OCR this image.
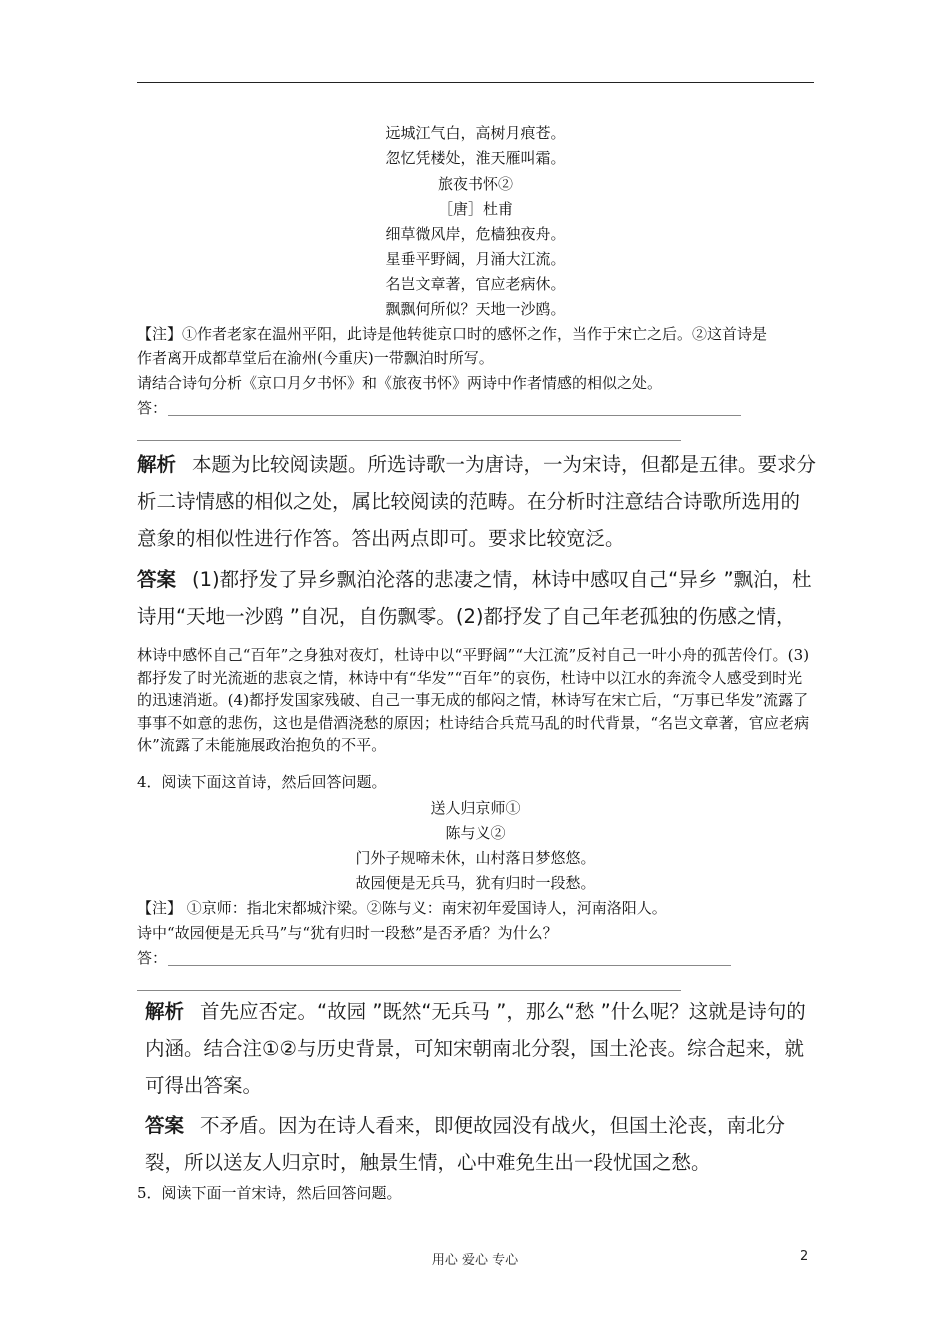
远城江气白，高树月痕苍。
忽忆凭楼处，淮天雁叫霜。
旅夜书怀②
［唐］杜甫
细草微风岸，危樯独夜舟。
星垂平野阔，月涌大江流。
名岂文章著，官应老病休。
飘飘何所似？天地一沙鸥。
【注】①作者老家在温州平阳，此诗是他转徙京口时的感怀之作，当作于宋亡之后。②这首诗是
作者离开成都草堂后在渝州(今重庆)一带飘泊时所写。
请结合诗句分析《京口月夕书怀》和《旅夜书怀》两诗中作者情感的相似之处。
答：
解析 本题为比较阅读题。所选诗歌一为唐诗，一为宋诗，但都是五律。要求分析二诗情感的相似之处，属比较阅读的范畴。在分析时注意结合诗歌所选用的意象的相似性进行作答。答出两点即可。要求比较宽泛。
答案 (1)都抒发了异乡飘泊沦落的悲凄之情，林诗中感叹自己“异乡 ”飘泊，杜诗用“天地一沙鸥 ”自况，自伤飘零。(2)都抒发了自己年老孤独的伤感之情，
林诗中感怀自己“百年”之身独对夜灯，杜诗中以“平野阔”“大江流”反衬自己一叶小舟的孤苦伶仃。(3)都抒发了时光流逝的悲哀之情，林诗中有“华发”“百年”的哀伤，杜诗中以江水的奔流令人感受到时光的迅速消逝。(4)都抒发国家残破、自己一事无成的郁闷之情，林诗写在宋亡后，“万事已华发”流露了事事不如意的悲伤，这也是借酒浇愁的原因；杜诗结合兵荒马乱的时代背景，“名岂文章著，官应老病休”流露了未能施展政治抱负的不平。
4．阅读下面这首诗，然后回答问题。
送人归京师①
陈与义②
门外子规啼未休，山村落日梦悠悠。
故园便是无兵马，犹有归时一段愁。
【注】 ①京师：指北宋都城汴梁。②陈与义：南宋初年爱国诗人，河南洛阳人。
诗中“故园便是无兵马”与“犹有归时一段愁”是否矛盾？为什么？
答：
解析 首先应否定。“故园 ”既然“无兵马 ”，那么“愁 ”什么呢？这就是诗句的内涵。结合注①②与历史背景，可知宋朝南北分裂，国土沦丧。综合起来，就可得出答案。
答案 不矛盾。因为在诗人看来，即便故园没有战火，但国土沦丧，南北分裂，所以送友人归京时，触景生情，心中难免生出一段忧国之愁。
5．阅读下面一首宋诗，然后回答问题。
用心 爱心 专心	2
